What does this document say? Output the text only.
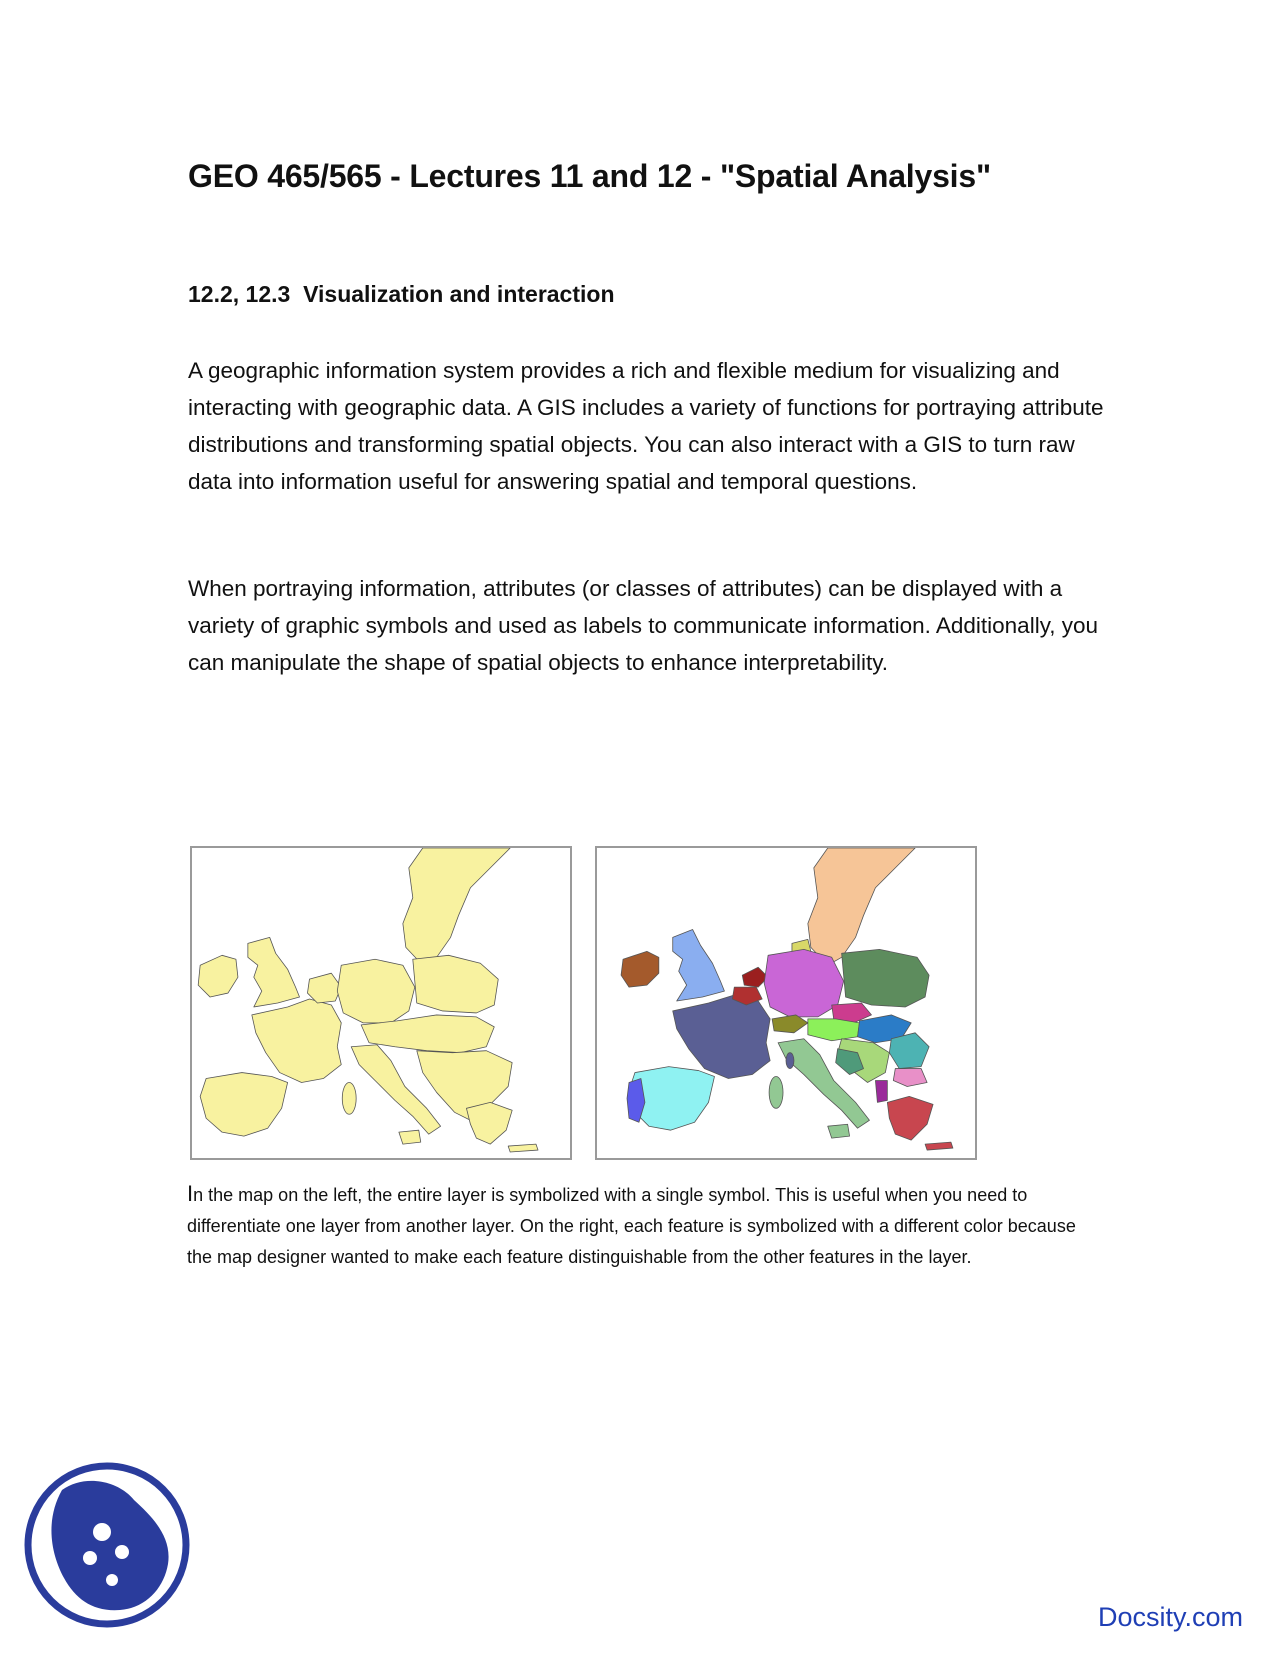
GEO 465/565 - Lectures 11 and 12 - "Spatial Analysis"
12.2, 12.3  Visualization and interaction

A geographic information system provides a rich and flexible medium for visualizing and interacting with geographic data. A GIS includes a variety of functions for portraying attribute distributions and transforming spatial objects. You can also interact with a GIS to turn raw data into information useful for answering spatial and temporal questions.

When portraying information, attributes (or classes of attributes) can be displayed with a variety of graphic symbols and used as labels to communicate information. Additionally, you can manipulate the shape of spatial objects to enhance interpretability.

In the map on the left, the entire layer is symbolized with a single symbol. This is useful when you need to differentiate one layer from another layer. On the right, each feature is symbolized with a different color because the map designer wanted to make each feature distinguishable from the other features in the layer.

Docsity.com
